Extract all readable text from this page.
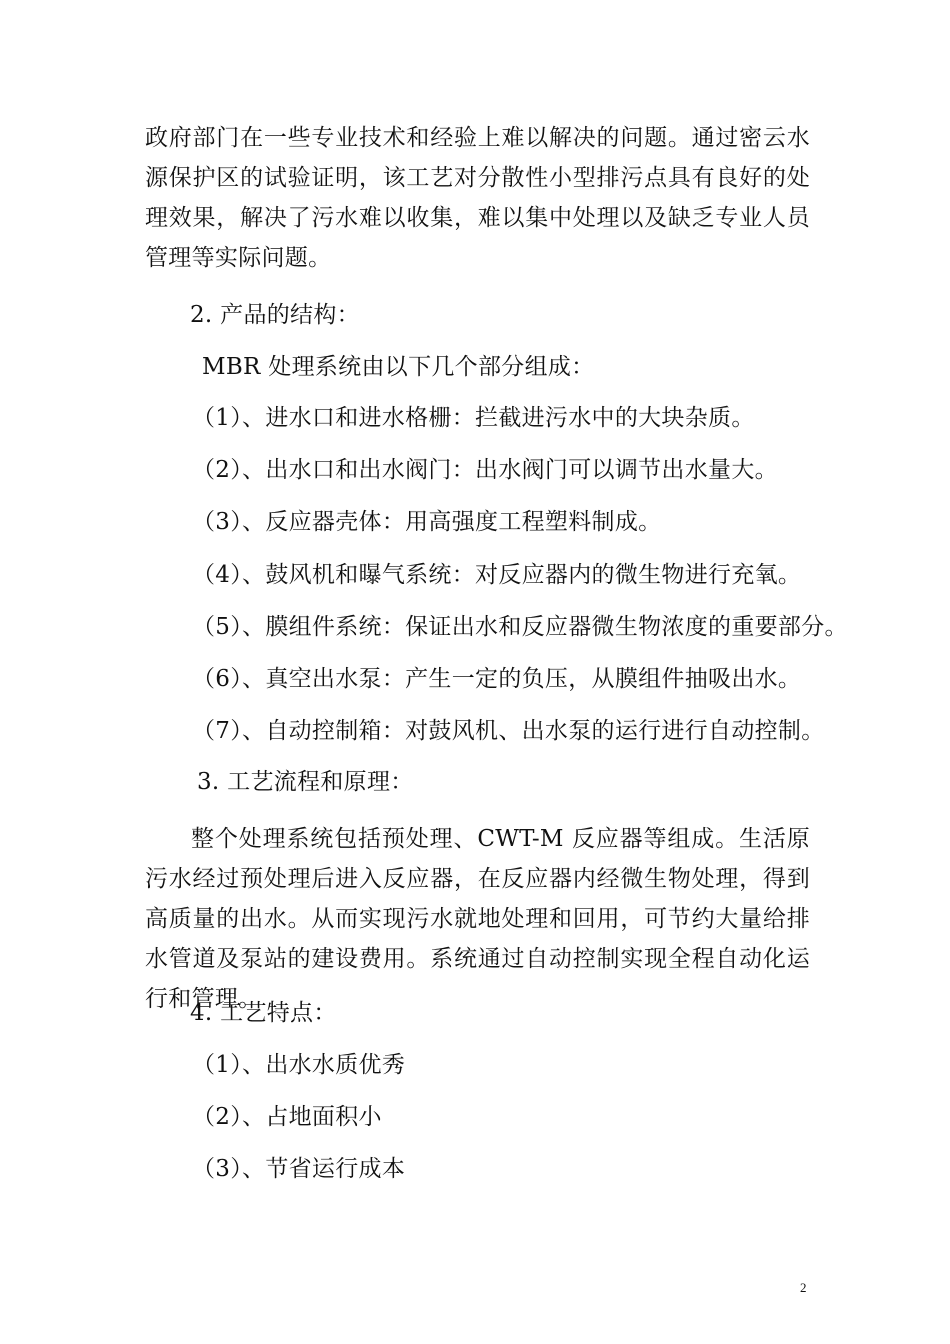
政府部门在一些专业技术和经验上难以解决的问题。通过密云水源保护区的试验证明，该工艺对分散性小型排污点具有良好的处理效果，解决了污水难以收集，难以集中处理以及缺乏专业人员管理等实际问题。

2. 产品的结构：
MBR 处理系统由以下几个部分组成：
（1）、进水口和进水格栅：拦截进污水中的大块杂质。
（2）、出水口和出水阀门：出水阀门可以调节出水量大。
（3）、反应器壳体：用高强度工程塑料制成。
（4）、鼓风机和曝气系统：对反应器内的微生物进行充氧。
（5）、膜组件系统：保证出水和反应器微生物浓度的重要部分。
（6）、真空出水泵：产生一定的负压，从膜组件抽吸出水。
（7）、自动控制箱：对鼓风机、出水泵的运行进行自动控制。
3. 工艺流程和原理：

整个处理系统包括预处理、CWT-M 反应器等组成。生活原污水经过预处理后进入反应器，在反应器内经微生物处理，得到高质量的出水。从而实现污水就地处理和回用，可节约大量给排水管道及泵站的建设费用。系统通过自动控制实现全程自动化运行和管理。

4. 工艺特点：
（1）、出水水质优秀
（2）、占地面积小
（3）、节省运行成本
2
